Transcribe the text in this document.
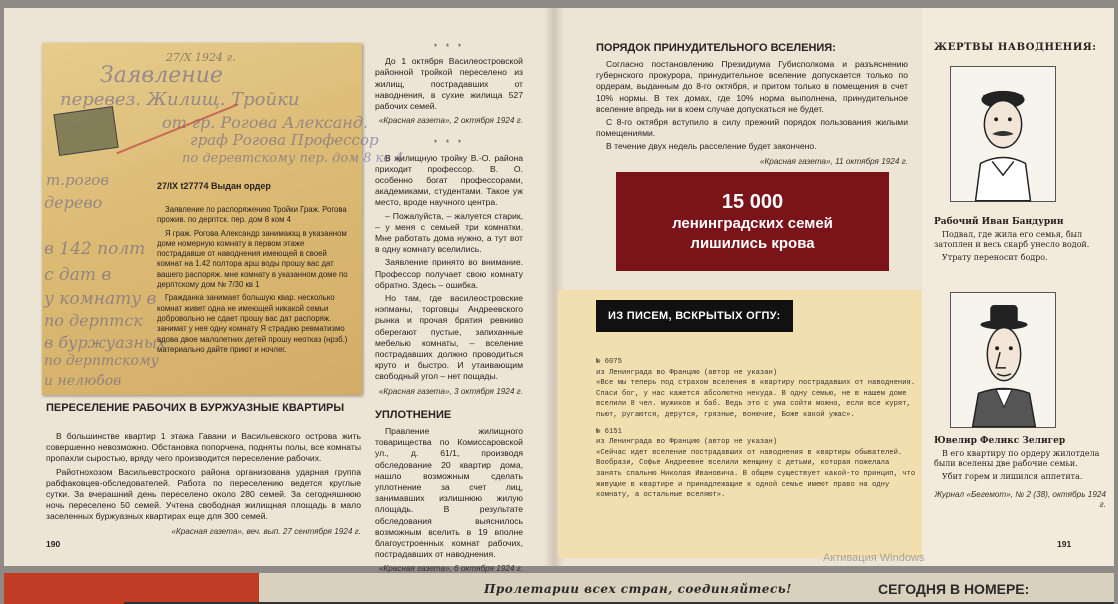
Заявление
перевез. Жилищ. Тройки
27/Х 1924 г.
от гр. Рогова Александ.
граф Рогова Профессор
по деревтскому пер. дом 8 кв 4
т.рогов
дерево
в 142 полт
с дат в
у комнату в
по дерптск
в буржуазных
по дерптскому
и нелюбов
27/IX t27774 Выдан ордер

Заявление по распоряжению Тройки Граж. Рогова прожив. по дерптск. пер. дом 8 ком 4

Я граж. Рогова Александр занимающ в указанном доме номерную комнату в первом этаже пострадавше от наводнения имеющей в своей комнат на 1.42 полтора арш воды прошу вас дат вашего распоряж. мне комнату в указанном доме по дерптскому дом № 7/30 кв 1

Гражданка занимает большую квар. несколько комнат живет одна не имеющей никакой семьи добровольно не сдает прошу вас дат распоряж. занимат у нея одну комнату Я страдаю ревматизмо вдова двое малолетних детей прошу неотказ (нрзб.) материально дайте приют и ночлег.

ПЕРЕСЕЛЕНИЕ РАБОЧИХ В БУРЖУАЗНЫЕ КВАРТИРЫ

В большинстве квартир 1 этажа Гавани и Васильевского острова жить совершенно невозможно. Обстановка попорчена, подняты полы, все комнаты пропахли сыростью, вряду чего производится переселение рабочих.

Райотнохозом Васильевстроского района организована ударная группа рабфаковцев-обследователей. Работа по переселению ведется круглые сутки. За вчерашний день переселено около 280 семей. За сегодняшнюю ночь переселено 50 семей. Учтена свободная жилищная площадь в мало заселенных буржуазных квартирах еще для 300 семей.

«Красная газета», веч. вып. 27 сентября 1924 г.
190
* * *

До 1 октября Василеостровской районной тройкой переселено из жилищ, пострадавших от наводнения, в сухие жилища 527 рабочих семей.

«Красная газета», 2 октября 1924 г.
* * *

В жилищную тройку В.-О. района приходит профессор. В. О. особенно богат профессорами, академиками, студентами. Такое уж место, вроде научного центра.

– Пожалуйста, – жалуется старик, – у меня с семьей три комнатки. Мне работать дома нужно, а тут вот в одну комнату вселились.

Заявление принято во внимание. Профессор получает свою комнату обратно. Здесь – ошибка.

Но там, где василеостровские нэпманы, торговцы Андреевского рынка и прочая братия ревниво оберегают пустые, запиханные мебелью комнаты, – вселение пострадавших должно проводиться круто и быстро. И утаивающим свободный угол – нет пощады.

«Красная газета», 3 октября 1924 г.
УПЛОТНЕНИЕ

Правление жилищного товарищества по Комиссаровской ул., д. 61/1, производя обследование 20 квартир дома, нашло возможным сделать уплотнение за счет лиц, занимавших излишнюю жилую площадь. В результате обследования выяснилось возможным вселить в 19 вполне благоустроенных комнат рабочих, пострадавших от наводнения.

«Красная газета», 6 октября 1924 г.
ПОРЯДОК ПРИНУДИТЕЛЬНОГО ВСЕЛЕНИЯ:

Согласно постановлению Президиума Губисполкома и разъяснению губернского прокурора, принудительное вселение допускается только по ордерам, выданным до 8-го октября, и притом только в помещения в счет 10% нормы. В тех домах, где 10% норма выполнена, принудительное вселение впредь ни в коем случае допускаться не будет.

С 8-го октября вступило в силу прежний порядок пользования жилыми помещениями.

В течение двух недель расселение будет закончено.

«Красная газета», 11 октября 1924 г.
15 000
ленинградских семей
лишились крова
ИЗ ПИСЕМ, ВСКРЫТЫХ ОГПУ:
№ 6075
из Ленинграда во Францию (автор не указан)
«Все мы теперь под страхом вселения в квартиру пострадавших от наводнения. Спаси бог, у нас кажется абсолютно некуда. В одну семью, не в нашем доме вселили 8 чел. мужиков и баб. Ведь это с ума сойти можно, если все курят, пьют, ругаются, дерутся, грязные, вонючие, Боже какой ужас».
№ 6151
из Ленинграда во Францию (автор не указан)
«Сейчас идет вселение пострадавших от наводнения в квартиры обывателей. Вообрази, Софье Андреевне вселили женщину с детьми, которая пожелала занять спальню Николая Ивановича. В общем существует какой-то принцип, что живущие в квартире и принадлежащие к одной семье имеют право на одну комнату, а остальные вселяют».
ЖЕРТВЫ НАВОДНЕНИЯ:
Рабочий Иван Бандурин

Подвал, где жила его семья, был затоплен и весь скарб унесло водой.

Утрату переносит бодро.

Ювелир Феликс Зелигер

В его квартиру по ордеру жилотдела были вселены две рабочие семьи.

Убит горем и лишился аппетита.

Журнал «Бегемот», № 2 (38), октябрь 1924 г.
191
Активация Windows
Пролетарии всех стран, соединяйтесь!	СЕГОДНЯ В НОМЕРЕ:
